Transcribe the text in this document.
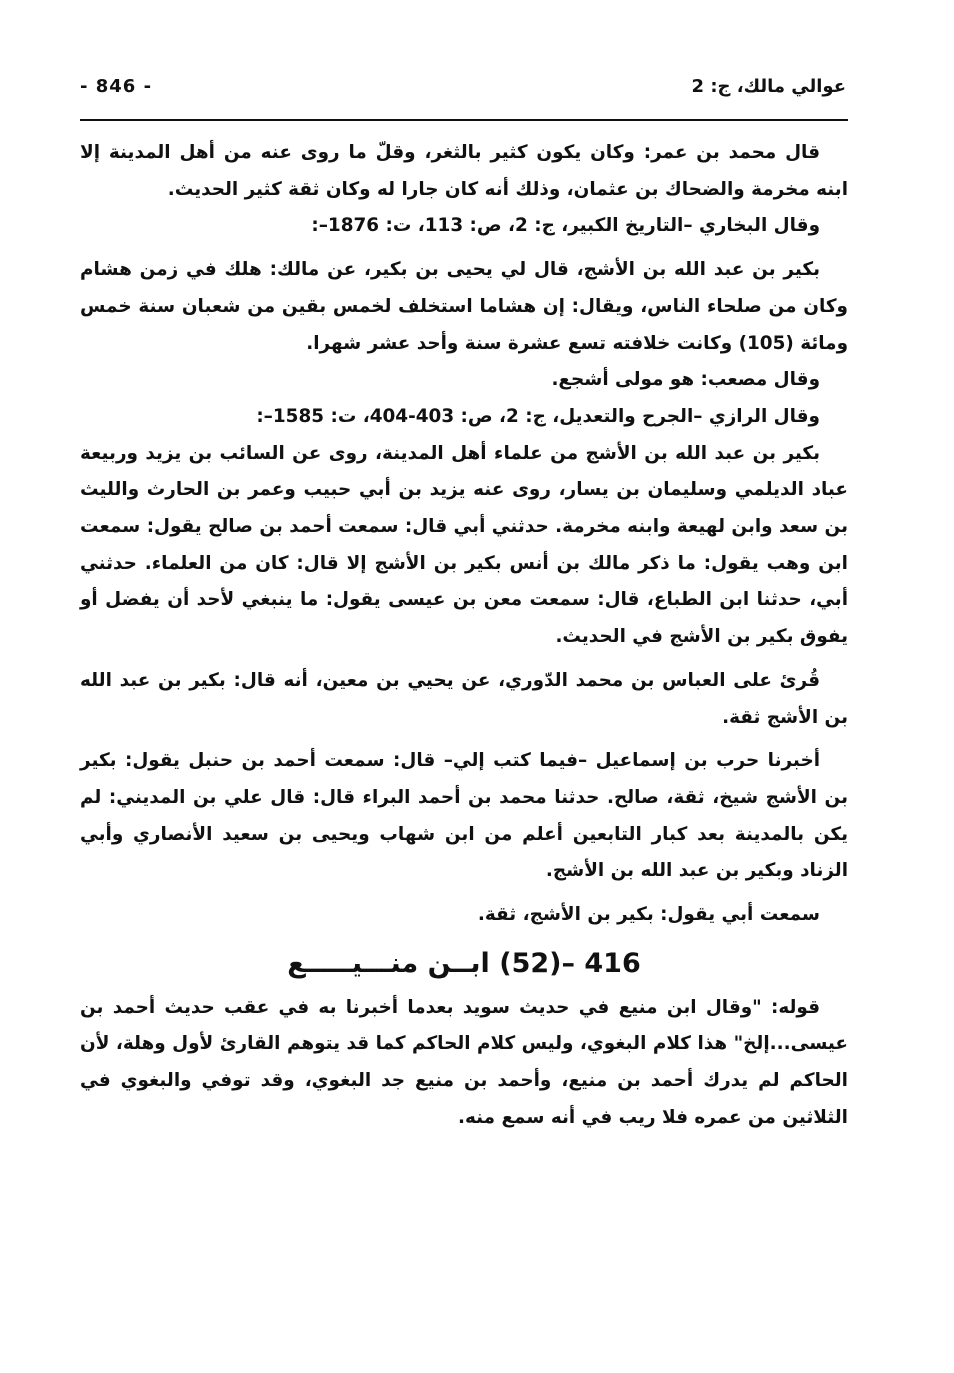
- 846 -	عوالي مالك، ج: 2

قال محمد بن عمر: وكان يكون كثير بالثغر، وقلّ ما روى عنه من أهل المدينة إلا ابنه مخرمة والضحاك بن عثمان، وذلك أنه كان جارا له وكان ثقة كثير الحديث.

وقال البخاري –التاريخ الكبير، ج: 2، ص: 113، ت: 1876–:

بكير بن عبد الله بن الأشج، قال لي يحيى بن بكير، عن مالك: هلك في زمن هشام وكان من صلحاء الناس، ويقال: إن هشاما استخلف لخمس بقين من شعبان سنة خمس ومائة (105) وكانت خلافته تسع عشرة سنة وأحد عشر شهرا.

وقال مصعب: هو مولى أشجع.

وقال الرازي –الجرح والتعديل، ج: 2، ص: 403-404، ت: 1585–:

بكير بن عبد الله بن الأشج من علماء أهل المدينة، روى عن السائب بن يزيد وربيعة عباد الديلمي وسليمان بن يسار، روى عنه يزيد بن أبي حبيب وعمر بن الحارث والليث بن سعد وابن لهيعة وابنه مخرمة. حدثني أبي قال: سمعت أحمد بن صالح يقول: سمعت ابن وهب يقول: ما ذكر مالك بن أنس بكير بن الأشج إلا قال: كان من العلماء. حدثني أبي، حدثنا ابن الطباع، قال: سمعت معن بن عيسى يقول: ما ينبغي لأحد أن يفضل أو يفوق بكير بن الأشج في الحديث.

قُرئ على العباس بن محمد الدّوري، عن يحيي بن معين، أنه قال: بكير بن عبد الله بن الأشج ثقة.

أخبرنا حرب بن إسماعيل –فيما كتب إلي– قال: سمعت أحمد بن حنبل يقول: بكير بن الأشج شيخ، ثقة، صالح. حدثنا محمد بن أحمد البراء قال: قال علي بن المديني: لم يكن بالمدينة بعد كبار التابعين أعلم من ابن شهاب ويحيى بن سعيد الأنصاري وأبي الزناد وبكير بن عبد الله بن الأشج.

سمعت أبي يقول: بكير بن الأشج، ثقة.

416 –(52) ابــن منـــيـــــع

قوله: "وقال ابن منيع في حديث سويد بعدما أخبرنا به في عقب حديث أحمد بن عيسى...إلخ" هذا كلام البغوي، وليس كلام الحاكم كما قد يتوهم القارئ لأول وهلة، لأن الحاكم لم يدرك أحمد بن منيع، وأحمد بن منيع جد البغوي، وقد توفي والبغوي في الثلاثين من عمره فلا ريب في أنه سمع منه.
